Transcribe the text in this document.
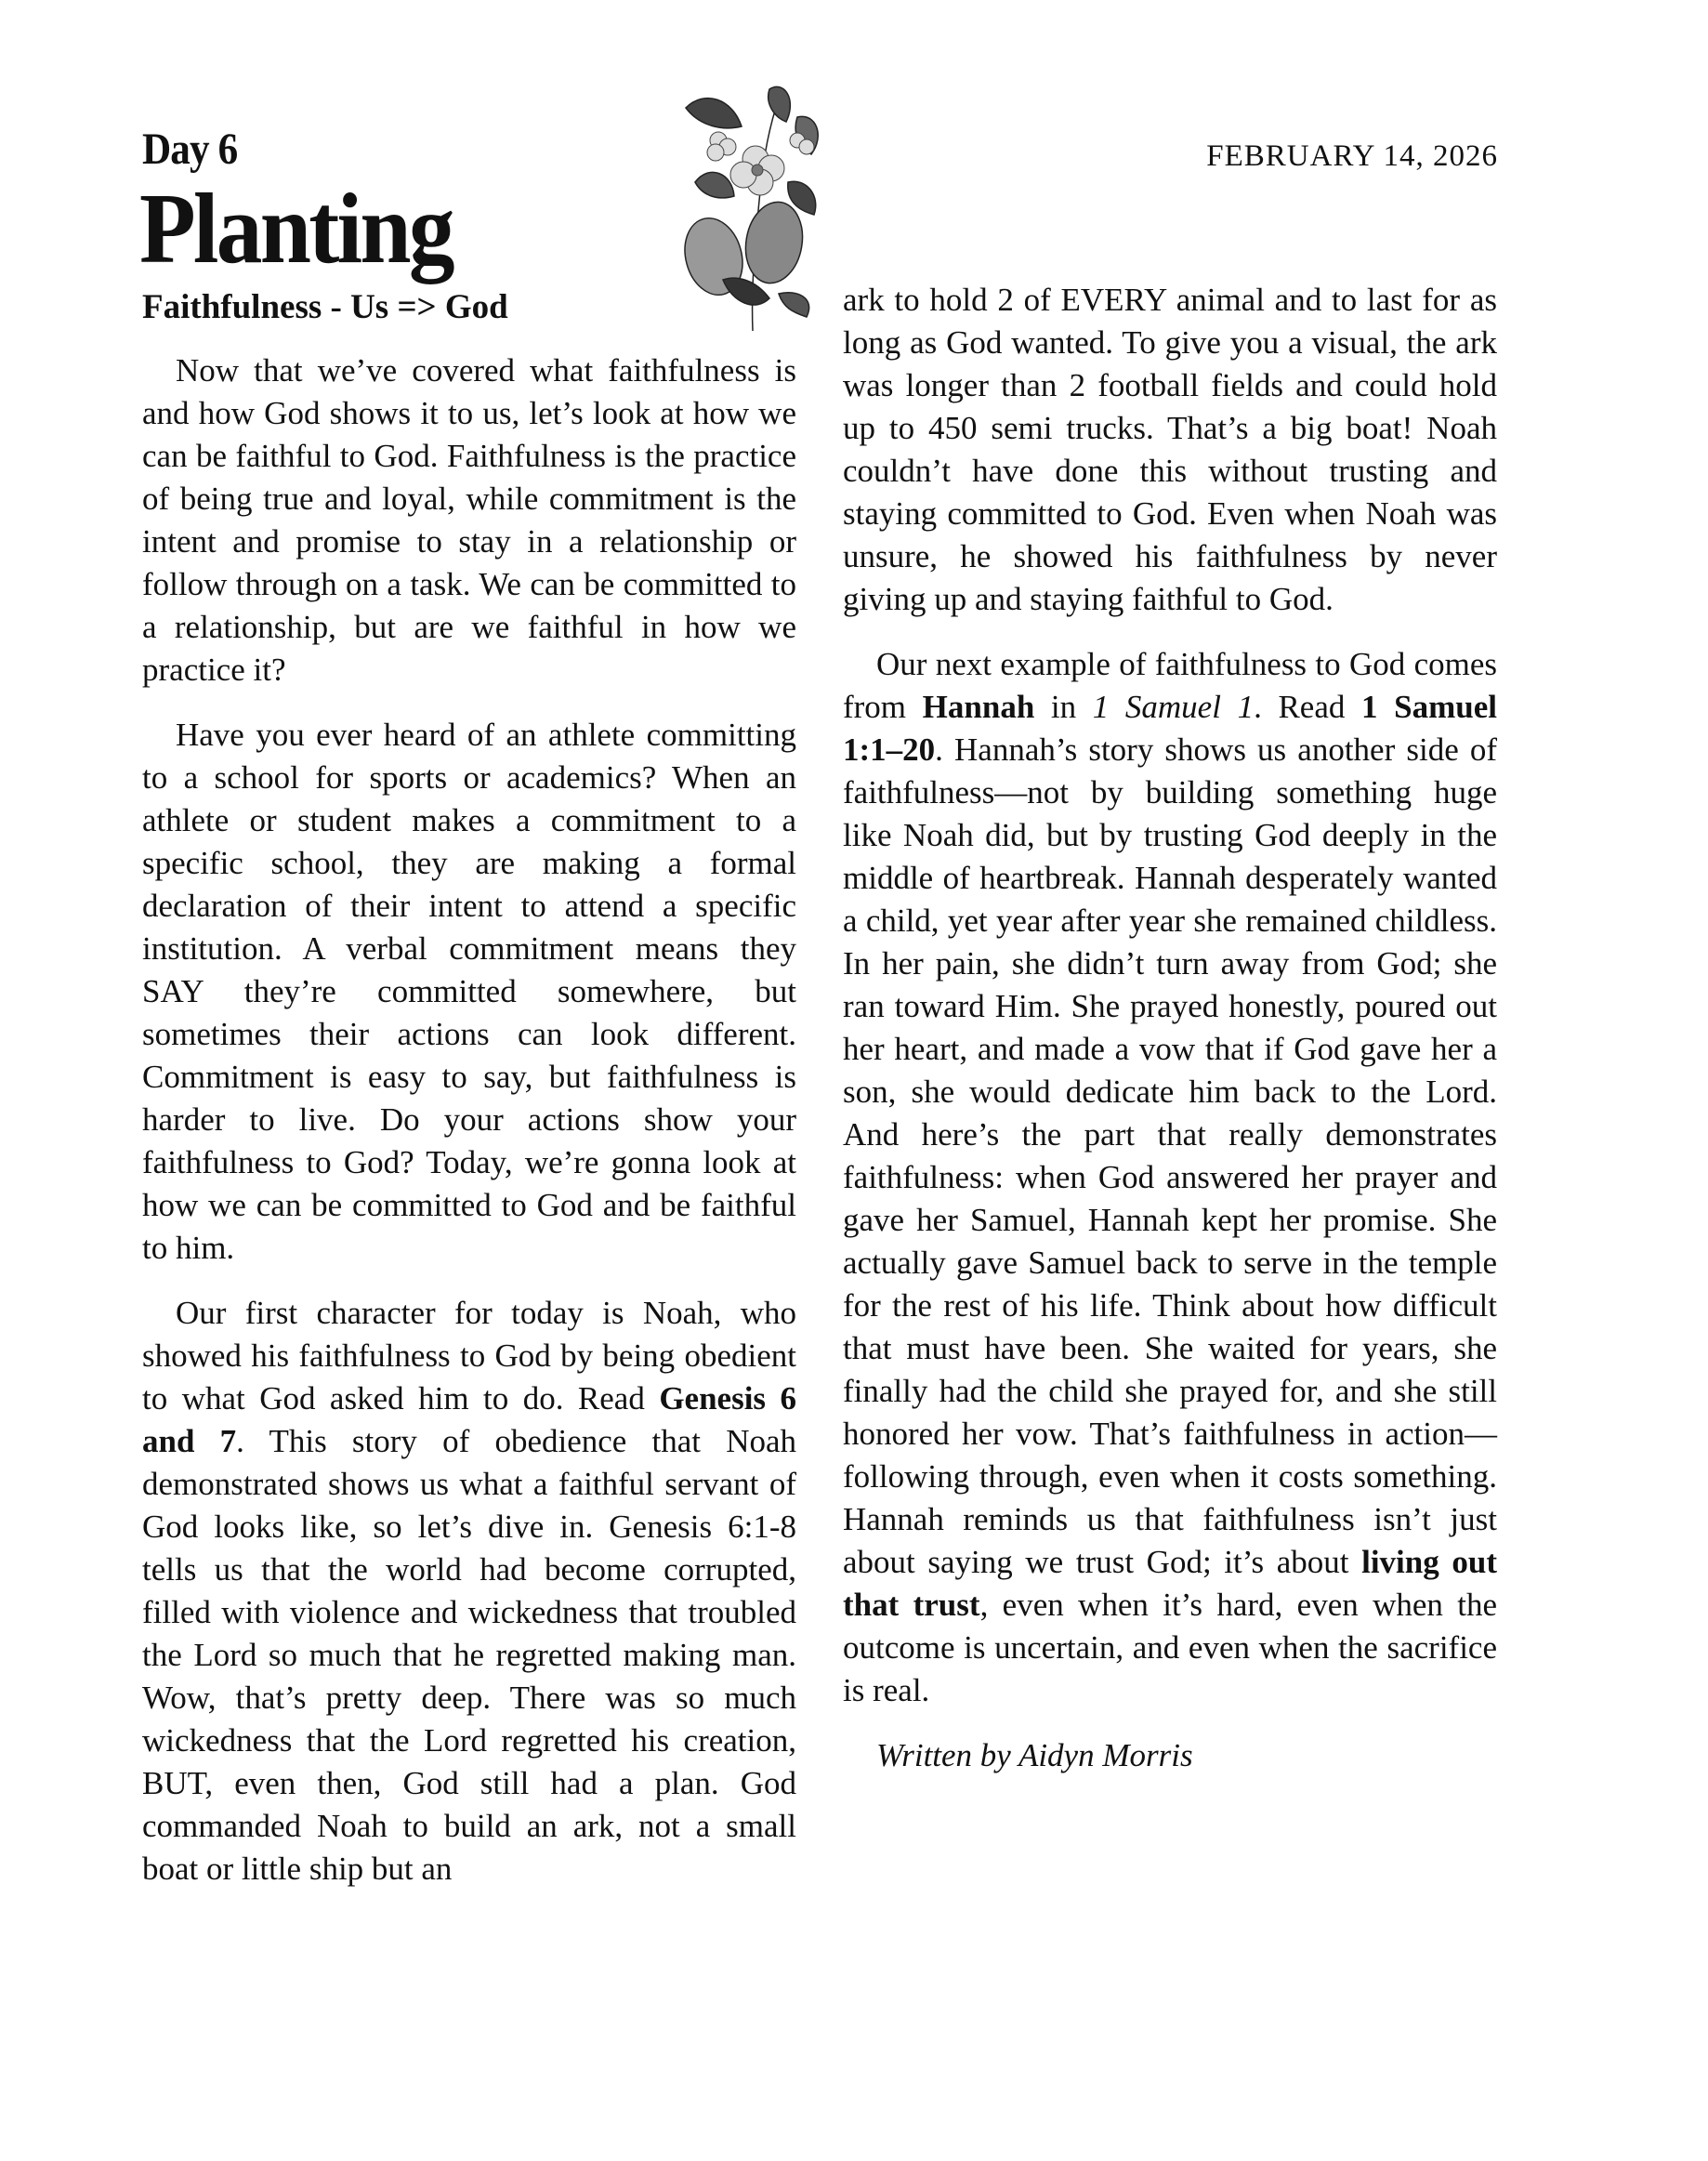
Day 6
Planting
Faithfulness - Us => God
FEBRUARY 14, 2026

Now that we’ve covered what faithfulness is and how God shows it to us, let’s look at how we can be faithful to God. Faithfulness is the practice of being true and loyal, while commitment is the intent and promise to stay in a relationship or follow through on a task. We can be committed to a relationship, but are we faithful in how we practice it?

Have you ever heard of an athlete committing to a school for sports or academics? When an athlete or student makes a commitment to a specific school, they are making a formal declaration of their intent to attend a specific institution. A verbal commitment means they SAY they’re committed somewhere, but sometimes their actions can look different. Commitment is easy to say, but faithfulness is harder to live. Do your actions show your faithfulness to God? Today, we’re gonna look at how we can be committed to God and be faithful to him.

Our first character for today is Noah, who showed his faithfulness to God by being obedient to what God asked him to do. Read Genesis 6 and 7. This story of obedience that Noah demonstrated shows us what a faithful servant of God looks like, so let’s dive in. Genesis 6:1-8 tells us that the world had become corrupted, filled with violence and wickedness that troubled the Lord so much that he regretted making man. Wow, that’s pretty deep. There was so much wickedness that the Lord regretted his creation, BUT, even then, God still had a plan. God commanded Noah to build an ark, not a small boat or little ship but an

ark to hold 2 of EVERY animal and to last for as long as God wanted. To give you a visual, the ark was longer than 2 football fields and could hold up to 450 semi trucks. That’s a big boat! Noah couldn’t have done this without trusting and staying committed to God. Even when Noah was unsure, he showed his faithfulness by never giving up and staying faithful to God.

Our next example of faithfulness to God comes from Hannah in 1 Samuel 1. Read 1 Samuel 1:1–20. Hannah’s story shows us another side of faithfulness—not by building something huge like Noah did, but by trusting God deeply in the middle of heartbreak. Hannah desperately wanted a child, yet year after year she remained childless. In her pain, she didn’t turn away from God; she ran toward Him. She prayed honestly, poured out her heart, and made a vow that if God gave her a son, she would dedicate him back to the Lord. And here’s the part that really demonstrates faithfulness: when God answered her prayer and gave her Samuel, Hannah kept her promise. She actually gave Samuel back to serve in the temple for the rest of his life. Think about how difficult that must have been. She waited for years, she finally had the child she prayed for, and she still honored her vow. That’s faithfulness in action—following through, even when it costs something. Hannah reminds us that faithfulness isn’t just about saying we trust God; it’s about living out that trust, even when it’s hard, even when the outcome is uncertain, and even when the sacrifice is real.

Written by Aidyn Morris
